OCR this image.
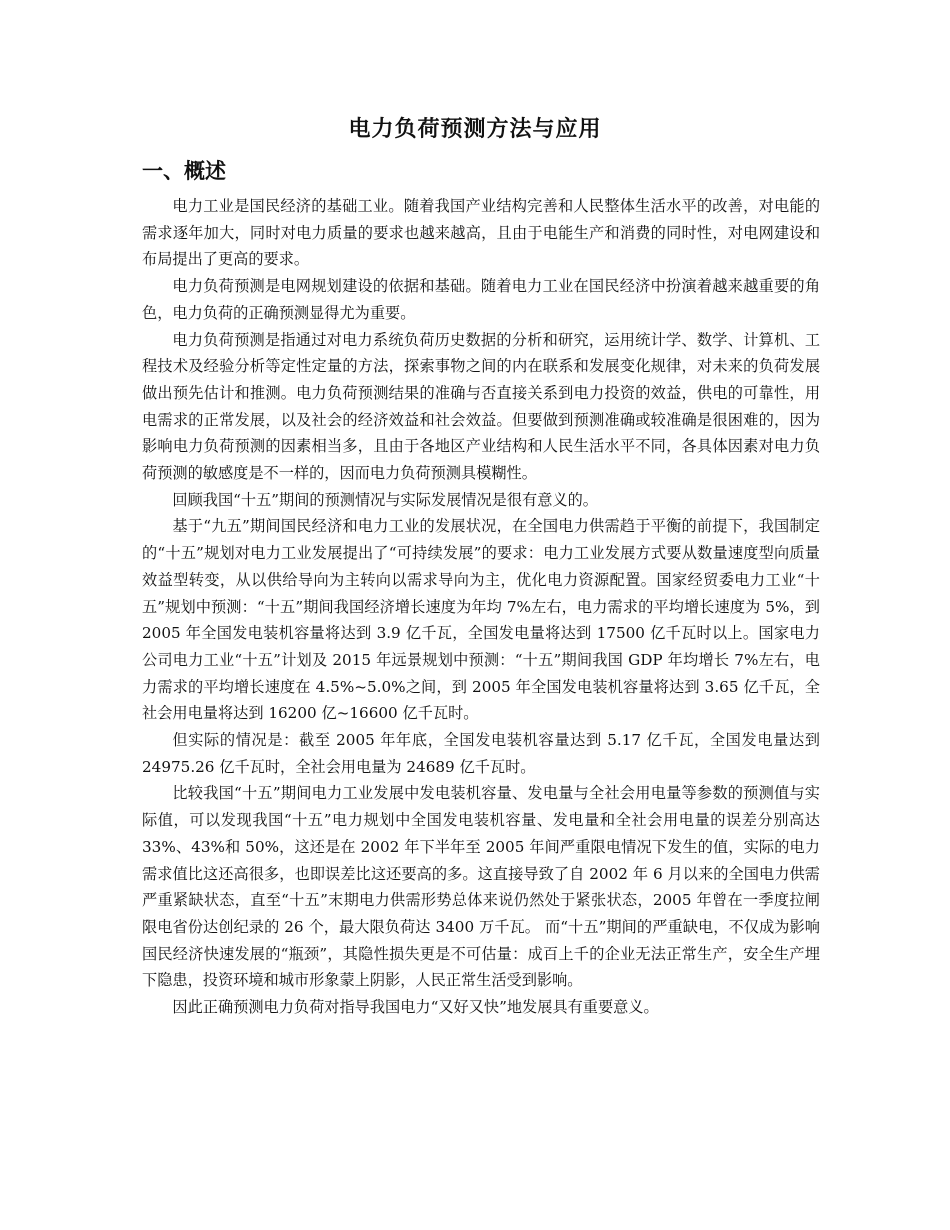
电力负荷预测方法与应用
一、概述

电力工业是国民经济的基础工业。随着我国产业结构完善和人民整体生活水平的改善，对电能的需求逐年加大，同时对电力质量的要求也越来越高，且由于电能生产和消费的同时性，对电网建设和布局提出了更高的要求。

电力负荷预测是电网规划建设的依据和基础。随着电力工业在国民经济中扮演着越来越重要的角色，电力负荷的正确预测显得尤为重要。

电力负荷预测是指通过对电力系统负荷历史数据的分析和研究，运用统计学、数学、计算机、工程技术及经验分析等定性定量的方法，探索事物之间的内在联系和发展变化规律，对未来的负荷发展做出预先估计和推测。电力负荷预测结果的准确与否直接关系到电力投资的效益，供电的可靠性，用电需求的正常发展，以及社会的经济效益和社会效益。但要做到预测准确或较准确是很困难的，因为影响电力负荷预测的因素相当多，且由于各地区产业结构和人民生活水平不同，各具体因素对电力负荷预测的敏感度是不一样的，因而电力负荷预测具模糊性。

回顾我国“十五”期间的预测情况与实际发展情况是很有意义的。

基于“九五”期间国民经济和电力工业的发展状况，在全国电力供需趋于平衡的前提下，我国制定的“十五”规划对电力工业发展提出了“可持续发展”的要求：电力工业发展方式要从数量速度型向质量效益型转变，从以供给导向为主转向以需求导向为主，优化电力资源配置。国家经贸委电力工业“十五”规划中预测：“十五”期间我国经济增长速度为年均 7%左右，电力需求的平均增长速度为 5%，到 2005 年全国发电装机容量将达到 3.9 亿千瓦，全国发电量将达到 17500 亿千瓦时以上。国家电力公司电力工业“十五”计划及 2015 年远景规划中预测：“十五”期间我国 GDP 年均增长 7%左右，电力需求的平均增长速度在 4.5%~5.0%之间，到 2005 年全国发电装机容量将达到 3.65 亿千瓦，全社会用电量将达到 16200 亿~16600 亿千瓦时。

但实际的情况是：截至 2005 年年底，全国发电装机容量达到 5.17 亿千瓦，全国发电量达到 24975.26 亿千瓦时，全社会用电量为 24689 亿千瓦时。

比较我国“十五”期间电力工业发展中发电装机容量、发电量与全社会用电量等参数的预测值与实际值，可以发现我国“十五”电力规划中全国发电装机容量、发电量和全社会用电量的误差分别高达 33%、43%和 50%，这还是在 2002 年下半年至 2005 年间严重限电情况下发生的值，实际的电力需求值比这还高很多，也即误差比这还要高的多。这直接导致了自 2002 年 6 月以来的全国电力供需严重紧缺状态，直至“十五”末期电力供需形势总体来说仍然处于紧张状态，2005 年曾在一季度拉闸限电省份达创纪录的 26 个，最大限负荷达 3400 万千瓦。 而“十五”期间的严重缺电，不仅成为影响国民经济快速发展的“瓶颈”，其隐性损失更是不可估量：成百上千的企业无法正常生产，安全生产埋下隐患，投资环境和城市形象蒙上阴影，人民正常生活受到影响。

因此正确预测电力负荷对指导我国电力“又好又快”地发展具有重要意义。
